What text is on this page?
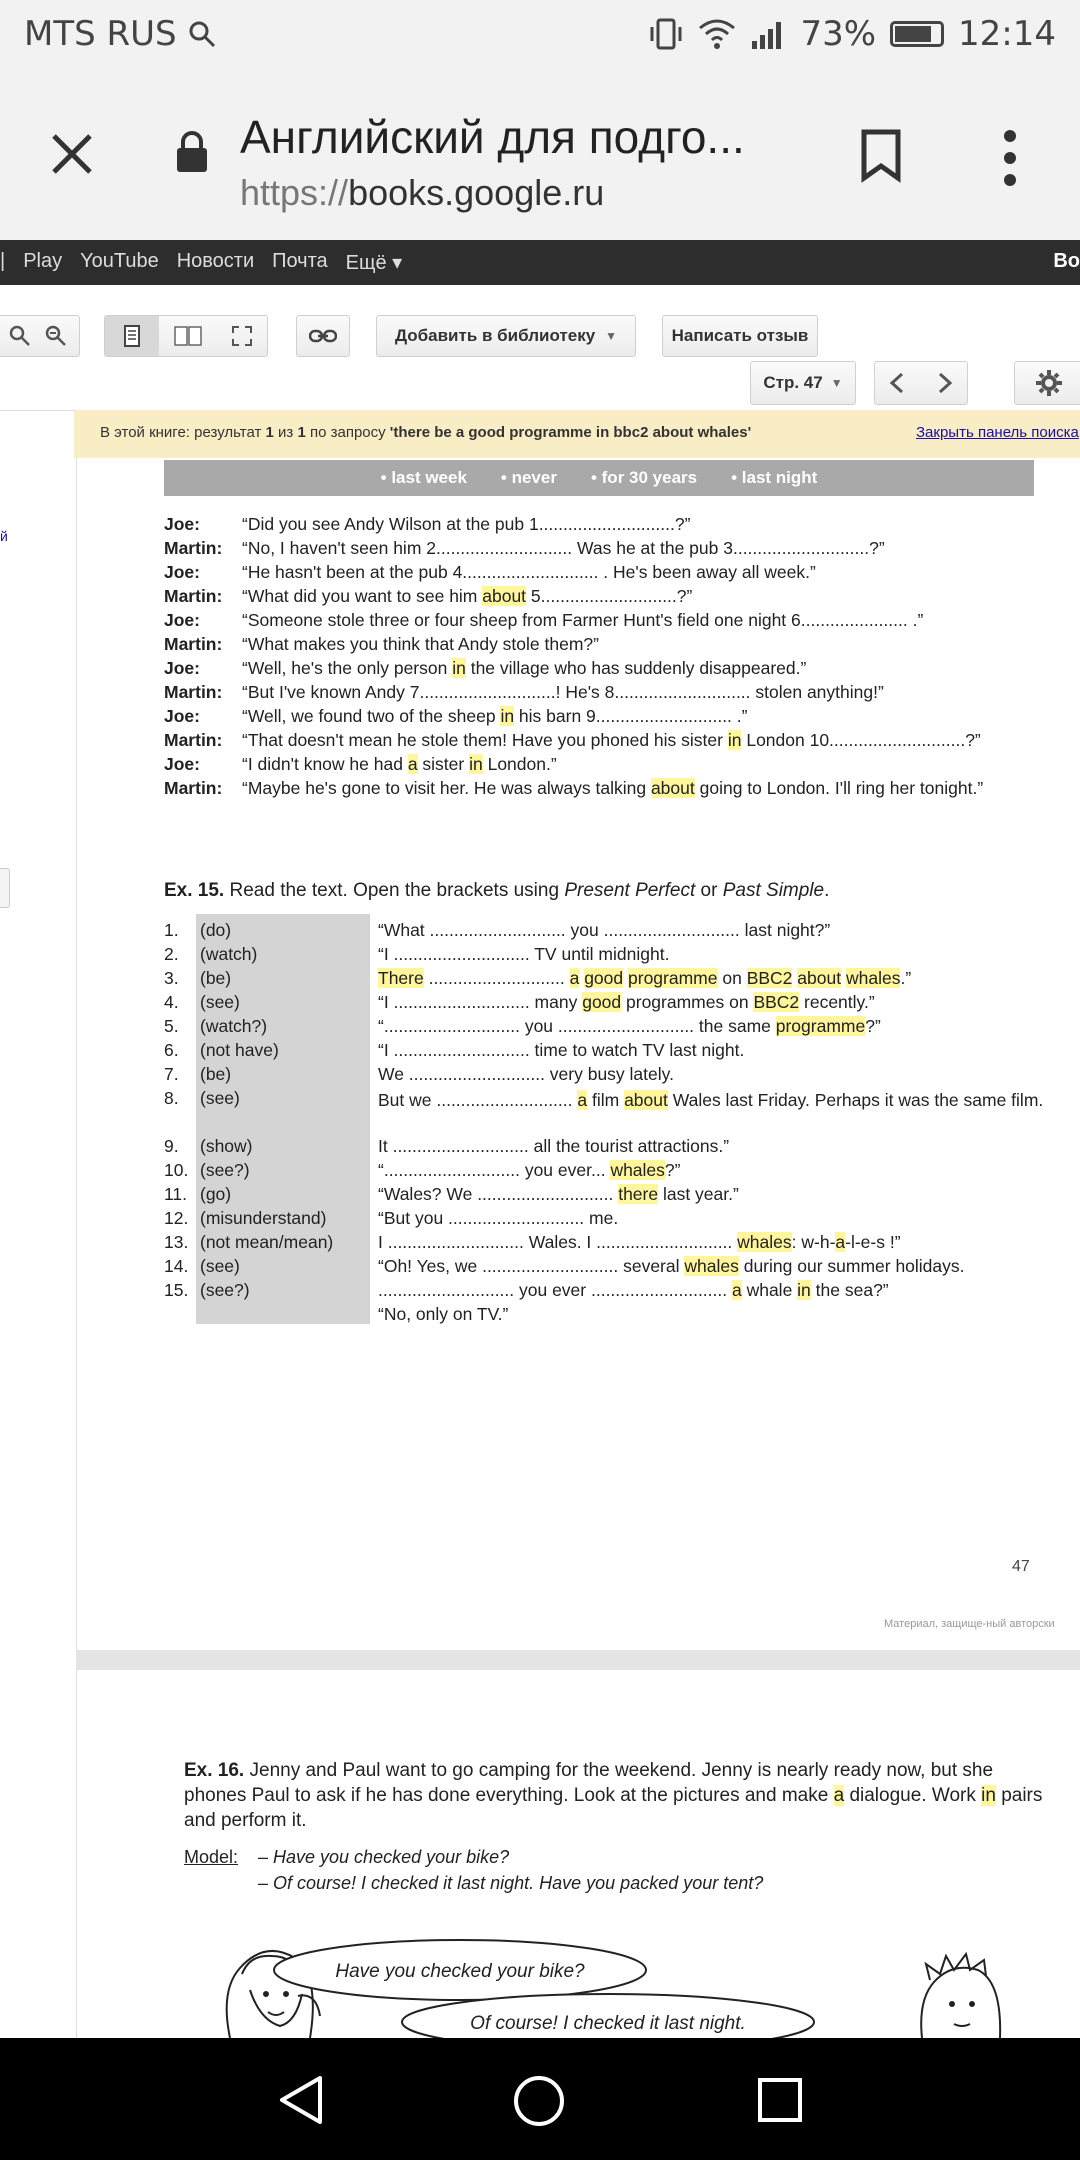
MTS RUS	73% 12:14
Английский для подго...
https://books.google.ru
| Play YouTube Новости Почта Ещё ▾	Во
Добавить в библиотеку ▼	Написать отзыв
Стр. 47 ▼
й
В этой книге: результат 1 из 1 по запросу 'there be a good programme in bbc2 about whales'	Закрыть панель поиска
• last week • never • for 30 years • last night
Joe:	“Did you see Andy Wilson at the pub 1............................?”
Martin:	“No, I haven't seen him 2............................ Was he at the pub 3............................?”
Joe:	“He hasn't been at the pub 4............................ . He's been away all week.”
Martin:	“What did you want to see him about 5............................?”
Joe:	“Someone stole three or four sheep from Farmer Hunt's field one night 6...................... .”
Martin:	“What makes you think that Andy stole them?”
Joe:	“Well, he's the only person in the village who has suddenly disappeared.”
Martin:	“But I've known Andy 7............................! He's 8............................ stolen anything!”
Joe:	“Well, we found two of the sheep in his barn 9............................ .”
Martin:	“That doesn't mean he stole them! Have you phoned his sister in London 10............................?”
Joe:	“I didn't know he had a sister in London.”
Martin:	“Maybe he's gone to visit her. He was always talking about going to London. I'll ring her tonight.”
Ex. 15. Read the text. Open the brackets using Present Perfect or Past Simple.
1.	(do)	“What ............................ you ............................ last night?”
2.	(watch)	“I ............................ TV until midnight.
3.	(be)	There ............................ a good programme on BBC2 about whales.”
4.	(see)	“I ............................ many good programmes on BBC2 recently.”
5.	(watch?)	“............................ you ............................ the same programme?”
6.	(not have)	“I ............................ time to watch TV last night.
7.	(be)	We ............................ very busy lately.
8.	(see)	But we ............................ a film about Wales last Friday. Perhaps it was the same film.
9.	(show)	It ............................ all the tourist attractions.”
10. (see?)	“............................ you ever... whales?”
11. (go)	“Wales? We ............................ there last year.”
12. (misunderstand)	“But you ............................ me.
13. (not mean/mean)	I ............................ Wales. I ............................ whales: w-h-a-l-e-s !”
14. (see)	“Oh! Yes, we ............................ several whales during our summer holidays.
15. (see?)	............................ you ever ............................ a whale in the sea?”
“No, only on TV.”
47
Материал, защище-ный авторски
Ex. 16. Jenny and Paul want to go camping for the weekend. Jenny is nearly ready now, but she phones Paul to ask if he has done everything. Look at the pictures and make a dialogue. Work in pairs and perform it.
Model:	– Have you checked your bike?
– Of course! I checked it last night. Have you packed your tent?
Have you checked your bike?
Of course! I checked it last night.
